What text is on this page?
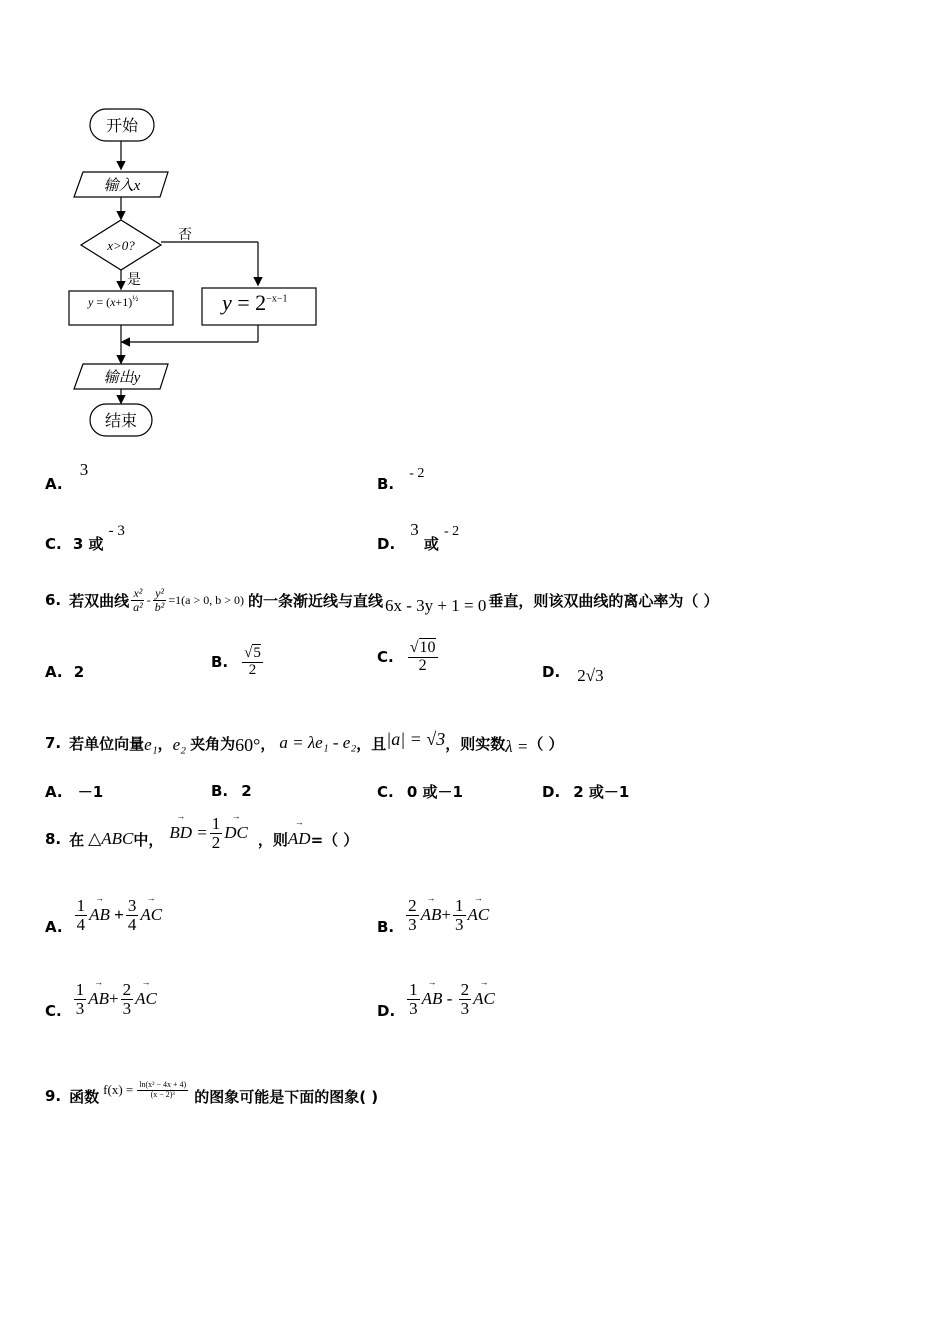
开始
输入x
x>0?
否
是
输出y
结束
$y = (x+1)^{\frac{1}{2}}$	$y = 2^{-x-1}$
A. 3
B. - 2
C. 3 或 - 3
D. 3 或 - 2
6. 若双曲线 $\frac{\text{x²}}{\text{a²}} - \frac{\text{y²}}{\text{b²}} =1(a > 0$, b > 0) 的一条渐近线与直线 6x - 3y + 1 = 0 垂直，则该双曲线的离心率为（ ）
A. 2
B. $\frac{√5}{2}$	C. $\frac{√10}{2}$	D. 2√3
7. 若单位向量 e₁ ， e₂ 夹角为 60° ， a = λe₁ - e₂ ，且 |a| = √3 ，则实数 λ = （ ）
A. －1	B. 2	C. 0 或－1	D. 2 或－1
8. 在 △ABC 中， → BD = $\frac{1}{2}$ → DC ，则 → AD =（ ）
A. $\frac{1}{4}$ → AB
+ $\frac{3}{4}$ → AC
B. $\frac{2}{3}$ → AB + $\frac{1}{3}$ → AC
C. $\frac{1}{3}$ → AB + $\frac{2}{3}$ → AC
D. $\frac{1}{3}$ → AB
-
$\frac{2}{3}$ → AC
9. 函数 $f(x) = \frac{\text{ln(x² − 4x + 4)}}{\text{(x − 2)³}}$ 的图象可能是下面的图象( )
